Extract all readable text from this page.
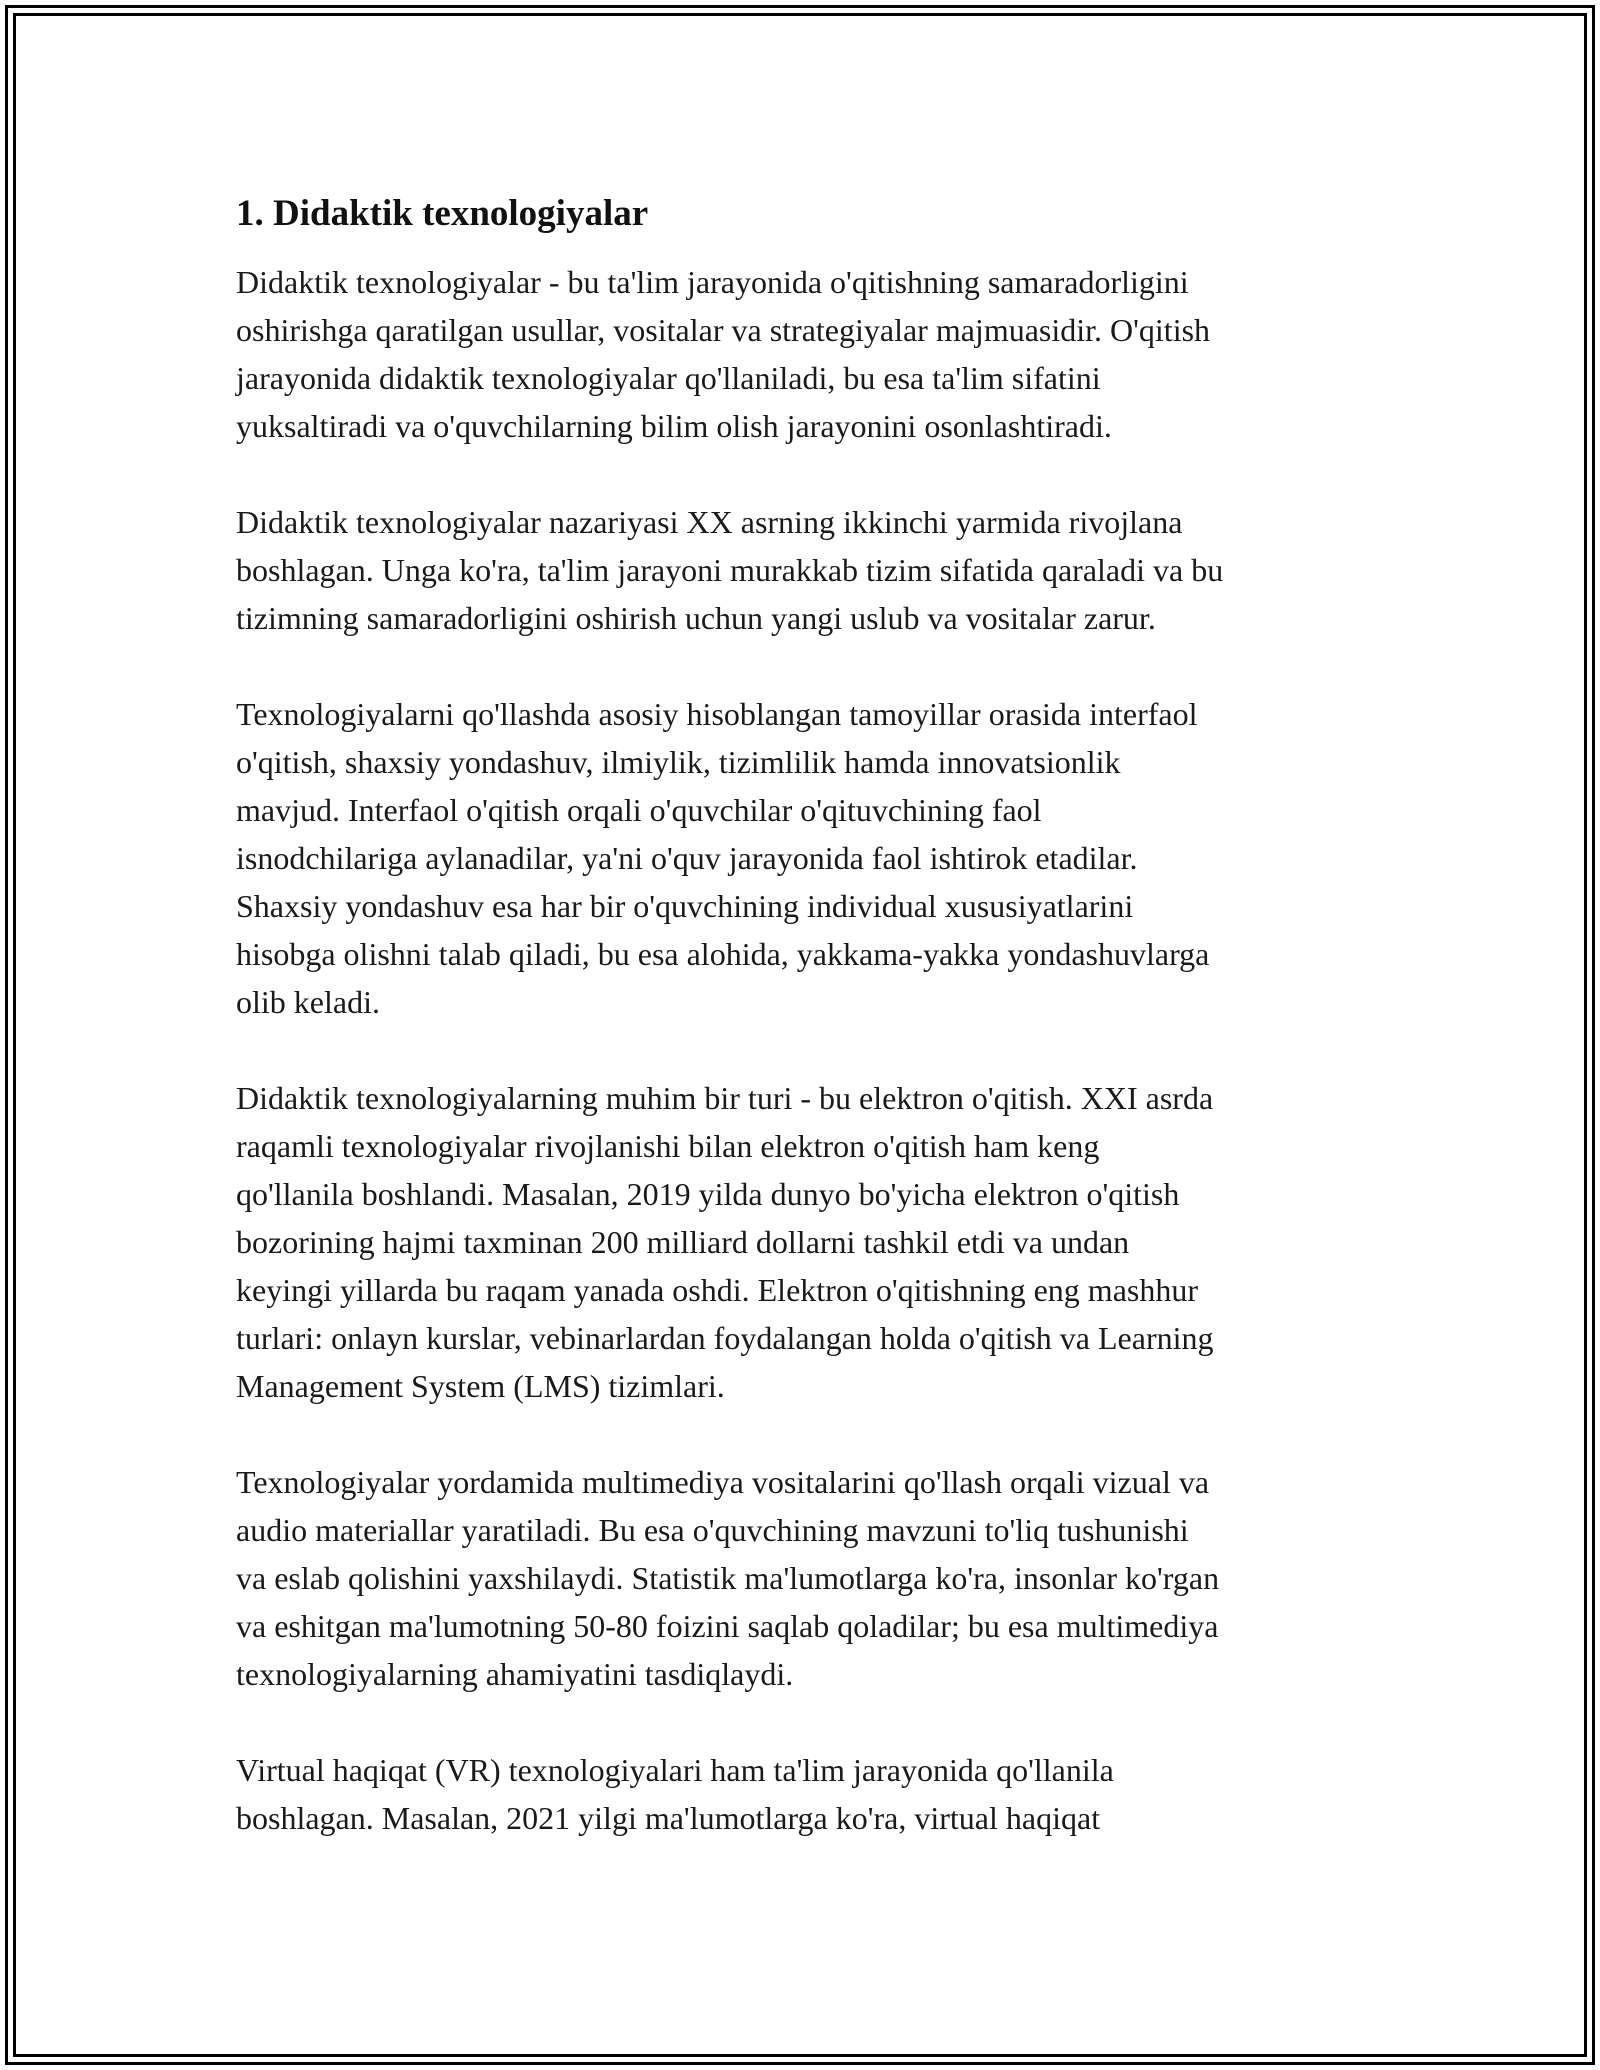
1. Didaktik texnologiyalar

Didaktik texnologiyalar - bu ta'lim jarayonida o'qitishning samaradorligini
oshirishga qaratilgan usullar, vositalar va strategiyalar majmuasidir. O'qitish
jarayonida didaktik texnologiyalar qo'llaniladi, bu esa ta'lim sifatini
yuksaltiradi va o'quvchilarning bilim olish jarayonini osonlashtiradi.

Didaktik texnologiyalar nazariyasi XX asrning ikkinchi yarmida rivojlana
boshlagan. Unga ko'ra, ta'lim jarayoni murakkab tizim sifatida qaraladi va bu
tizimning samaradorligini oshirish uchun yangi uslub va vositalar zarur.

Texnologiyalarni qo'llashda asosiy hisoblangan tamoyillar orasida interfaol
o'qitish, shaxsiy yondashuv, ilmiylik, tizimlilik hamda innovatsionlik
mavjud. Interfaol o'qitish orqali o'quvchilar o'qituvchining faol
isnodchilariga aylanadilar, ya'ni o'quv jarayonida faol ishtirok etadilar.
Shaxsiy yondashuv esa har bir o'quvchining individual xususiyatlarini
hisobga olishni talab qiladi, bu esa alohida, yakkama-yakka yondashuvlarga
olib keladi.

Didaktik texnologiyalarning muhim bir turi - bu elektron o'qitish. XXI asrda
raqamli texnologiyalar rivojlanishi bilan elektron o'qitish ham keng
qo'llanila boshlandi. Masalan, 2019 yilda dunyo bo'yicha elektron o'qitish
bozorining hajmi taxminan 200 milliard dollarni tashkil etdi va undan
keyingi yillarda bu raqam yanada oshdi. Elektron o'qitishning eng mashhur
turlari: onlayn kurslar, vebinarlardan foydalangan holda o'qitish va Learning
Management System (LMS) tizimlari.

Texnologiyalar yordamida multimediya vositalarini qo'llash orqali vizual va
audio materiallar yaratiladi. Bu esa o'quvchining mavzuni to'liq tushunishi
va eslab qolishini yaxshilaydi. Statistik ma'lumotlarga ko'ra, insonlar ko'rgan
va eshitgan ma'lumotning 50-80 foizini saqlab qoladilar; bu esa multimediya
texnologiyalarning ahamiyatini tasdiqlaydi.

Virtual haqiqat (VR) texnologiyalari ham ta'lim jarayonida qo'llanila
boshlagan. Masalan, 2021 yilgi ma'lumotlarga ko'ra, virtual haqiqat
